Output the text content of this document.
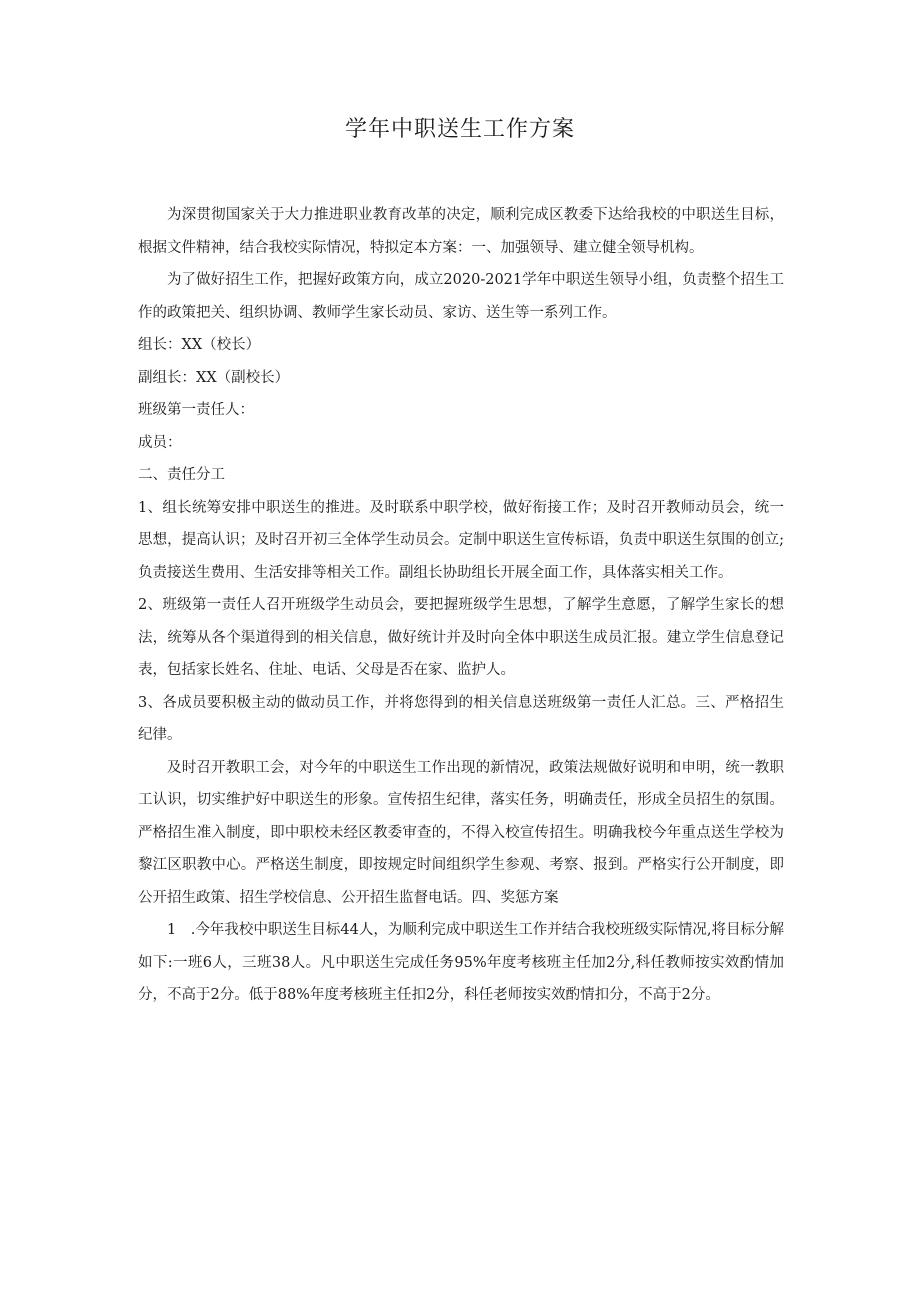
学年中职送生工作方案

为深贯彻国家关于大力推进职业教育改革的决定，顺利完成区教委下达给我校的中职送生目标，根据文件精神，结合我校实际情况，特拟定本方案：一、加强领导、建立健全领导机构。

为了做好招生工作，把握好政策方向，成立2020-2021学年中职送生领导小组，负责整个招生工作的政策把关、组织协调、教师学生家长动员、家访、送生等一系列工作。

组长：XX（校长）

副组长：XX（副校长）

班级第一责任人：

成员：

二、责任分工

1、组长统筹安排中职送生的推进。及时联系中职学校，做好衔接工作；及时召开教师动员会，统一思想，提高认识；及时召开初三全体学生动员会。定制中职送生宣传标语，负责中职送生氛围的创立;负责接送生费用、生活安排等相关工作。副组长协助组长开展全面工作，具体落实相关工作。

2、班级第一责任人召开班级学生动员会，要把握班级学生思想，了解学生意愿，了解学生家长的想法，统筹从各个渠道得到的相关信息，做好统计并及时向全体中职送生成员汇报。建立学生信息登记表，包括家长姓名、住址、电话、父母是否在家、监护人。

3、各成员要积极主动的做动员工作，并将您得到的相关信息送班级第一责任人汇总。三、严格招生纪律。

及时召开教职工会，对今年的中职送生工作出现的新情况，政策法规做好说明和申明，统一教职工认识，切实维护好中职送生的形象。宣传招生纪律，落实任务，明确责任，形成全员招生的氛围。严格招生准入制度，即中职校未经区教委审查的，不得入校宣传招生。明确我校今年重点送生学校为黎江区职教中心。严格送生制度，即按规定时间组织学生参观、考察、报到。严格实行公开制度，即公开招生政策、招生学校信息、公开招生监督电话。四、奖惩方案

1　.今年我校中职送生目标44人，为顺利完成中职送生工作并结合我校班级实际情况,将目标分解如下:一班6人，三班38人。凡中职送生完成任务95%年度考核班主任加2分,科任教师按实效酌情加分，不高于2分。低于88%年度考核班主任扣2分，科任老师按实效酌情扣分，不高于2分。
